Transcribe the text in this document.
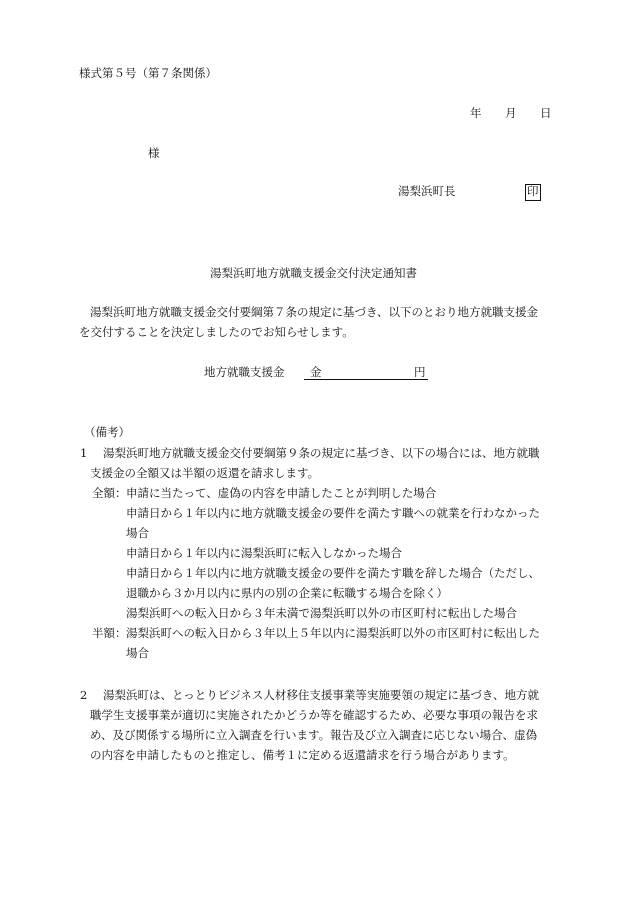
様式第５号（第７条関係）
年 月 日
様
湯梨浜町長	印
湯梨浜町地方就職支援金交付決定通知書
湯梨浜町地方就職支援金交付要綱第７条の規定に基づき、以下のとおり地方就職支援金
を交付することを決定しましたのでお知らせします。
地方就職支援金 金	円
（備考）
1 湯梨浜町地方就職支援金交付要綱第９条の規定に基づき、以下の場合には、地方就職
支援金の全額又は半額の返還を請求します。
全額： 申請に当たって、虚偽の内容を申請したことが判明した場合
申請日から１年以内に地方就職支援金の要件を満たす職への就業を行わなかった
場合
申請日から１年以内に湯梨浜町に転入しなかった場合
申請日から１年以内に地方就職支援金の要件を満たす職を辞した場合（ただし、
退職から３か月以内に県内の別の企業に転職する場合を除く）
湯梨浜町への転入日から３年未満で湯梨浜町以外の市区町村に転出した場合
半額： 湯梨浜町への転入日から３年以上５年以内に湯梨浜町以外の市区町村に転出した
場合
2 湯梨浜町は、とっとりビジネス人材移住支援事業等実施要領の規定に基づき、地方就
職学生支援事業が適切に実施されたかどうか等を確認するため、必要な事項の報告を求
め、及び関係する場所に立入調査を行います。報告及び立入調査に応じない場合、虚偽
の内容を申請したものと推定し、備考１に定める返還請求を行う場合があります。
